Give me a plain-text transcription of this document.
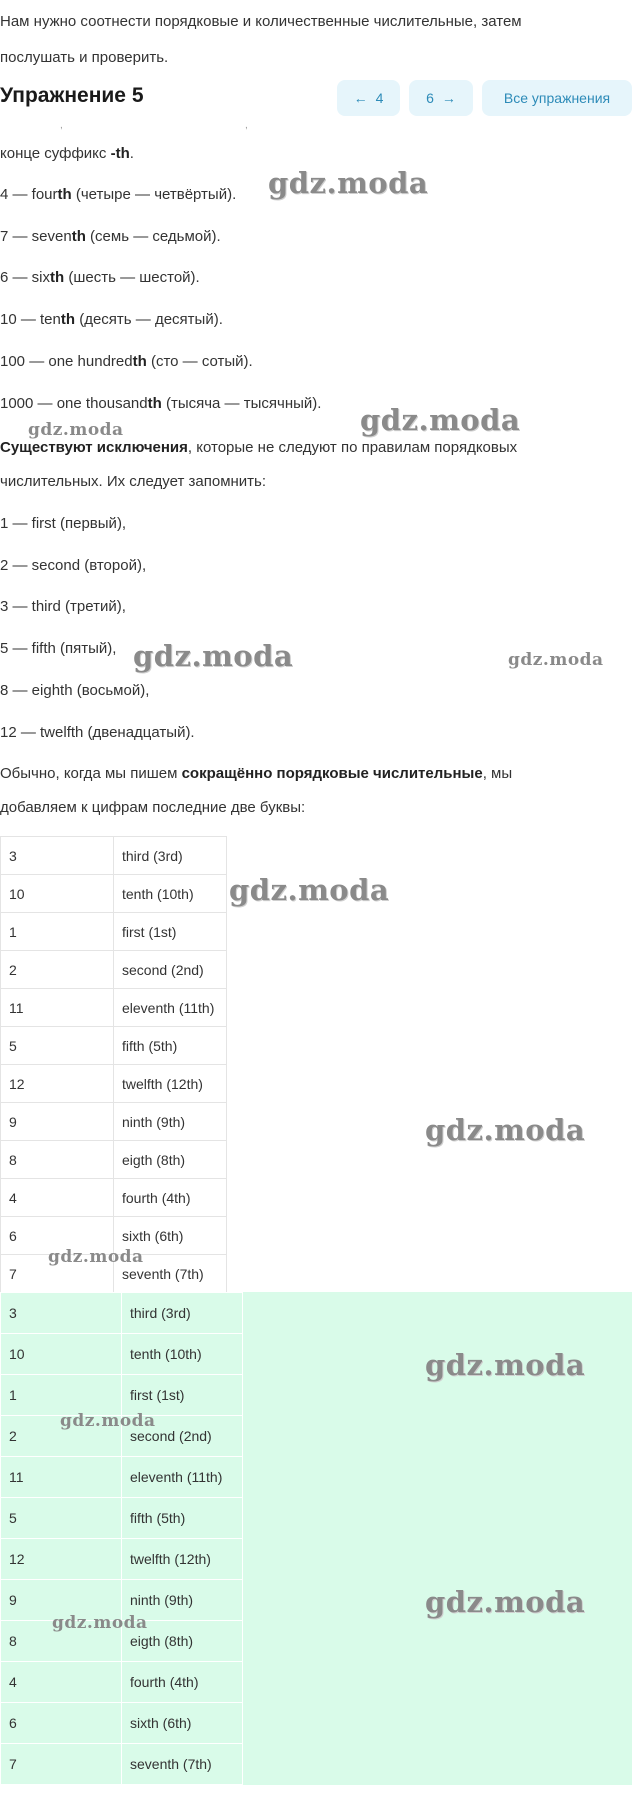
Нам нужно соотнести порядковые и количественные числительные, затем
послушать и проверить.
Упражнение 5	← 4	6 →	Все упражнения
,	,
конце суффикс -th.
4 — fourth (четыре — четвёртый).
7 — seventh (семь — седьмой).
6 — sixth (шесть — шестой).
10 — tenth (десять — десятый).
100 — one hundredth (сто — сотый).
1000 — one thousandth (тысяча — тысячный).
Существуют исключения, которые не следуют по правилам порядковых
числительных. Их следует запомнить:
1 — first (первый),
2 — second (второй),
3 — third (третий),
5 — fifth (пятый),
8 — eighth (восьмой),
12 — twelfth (двенадцатый).
Обычно, когда мы пишем сокращённо порядковые числительные, мы
добавляем к цифрам последние две буквы:
3	third (3rd)
10	tenth (10th)
1	first (1st)
2	second (2nd)
11	eleventh (11th)
5	fifth (5th)
12	twelfth (12th)
9	ninth (9th)
8	eigth (8th)
4	fourth (4th)
6	sixth (6th)
7	seventh (7th)
3	third (3rd)
10	tenth (10th)
1	first (1st)
2	second (2nd)
11	eleventh (11th)
5	fifth (5th)
12	twelfth (12th)
9	ninth (9th)
8	eigth (8th)
4	fourth (4th)
6	sixth (6th)
7	seventh (7th)
gdz.moda
gdz.moda
gdz.moda
gdz.moda	gdz.moda
gdz.moda
gdz.moda
gdz.moda
gdz.moda
gdz.moda
gdz.moda
gdz.moda
